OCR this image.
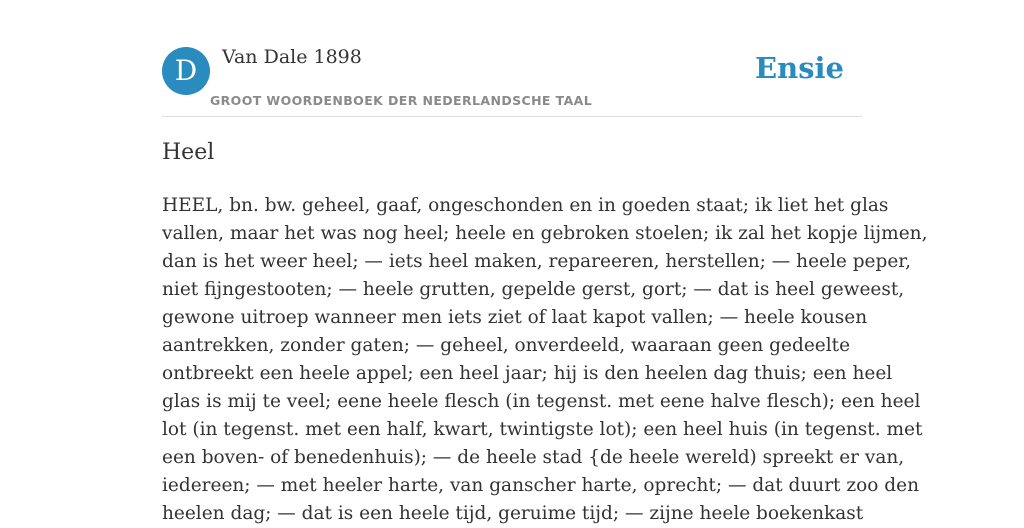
D	Van Dale 1898
GROOT WOORDENBOEK DER NEDERLANDSCHE TAAL
Ensie
Heel

HEEL, bn. bw. geheel, gaaf, ongeschonden en in goeden staat; ik liet het glas
vallen, maar het was nog heel; heele en gebroken stoelen; ik zal het kopje lijmen,
dan is het weer heel; — iets heel maken, repareeren, herstellen; — heele peper,
niet fijngestooten; — heele grutten, gepelde gerst, gort; — dat is heel geweest,
gewone uitroep wanneer men iets ziet of laat kapot vallen; — heele kousen
aantrekken, zonder gaten; — geheel, onverdeeld, waaraan geen gedeelte
ontbreekt een heele appel; een heel jaar; hij is den heelen dag thuis; een heel
glas is mij te veel; eene heele flesch (in tegenst. met eene halve flesch); een heel
lot (in tegenst. met een half, kwart, twintigste lot); een heel huis (in tegenst. met
een boven- of benedenhuis); — de heele stad {de heele wereld) spreekt er van,
iedereen; — met heeler harte, van ganscher harte, oprecht; — dat duurt zoo den
heelen dag; — dat is een heele tijd, geruime tijd; — zijne heele boekenkast
